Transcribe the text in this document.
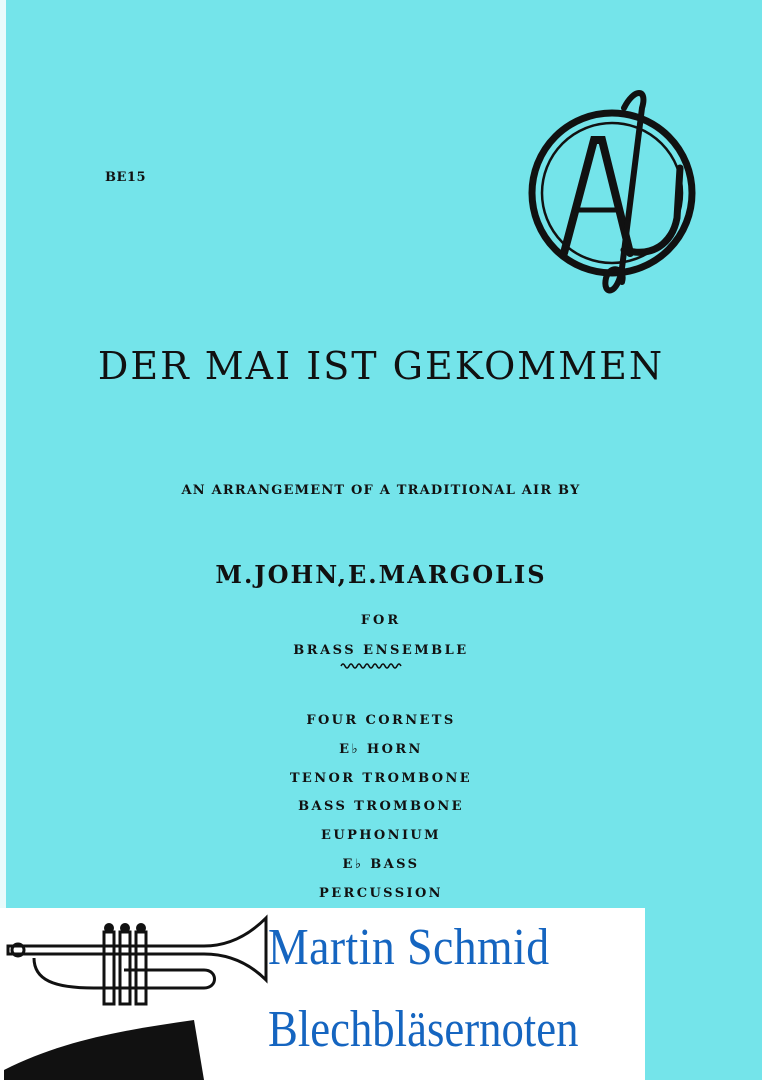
BE15
DER MAI IST GEKOMMEN
AN ARRANGEMENT OF A TRADITIONAL AIR BY
M.JOHN,E.MARGOLIS
FOR
BRASS ENSEMBLE
FOUR CORNETS
E♭ HORN
TENOR TROMBONE
BASS TROMBONE
EUPHONIUM
E♭ BASS
PERCUSSION
Martin Schmid
Blechbläsernoten
